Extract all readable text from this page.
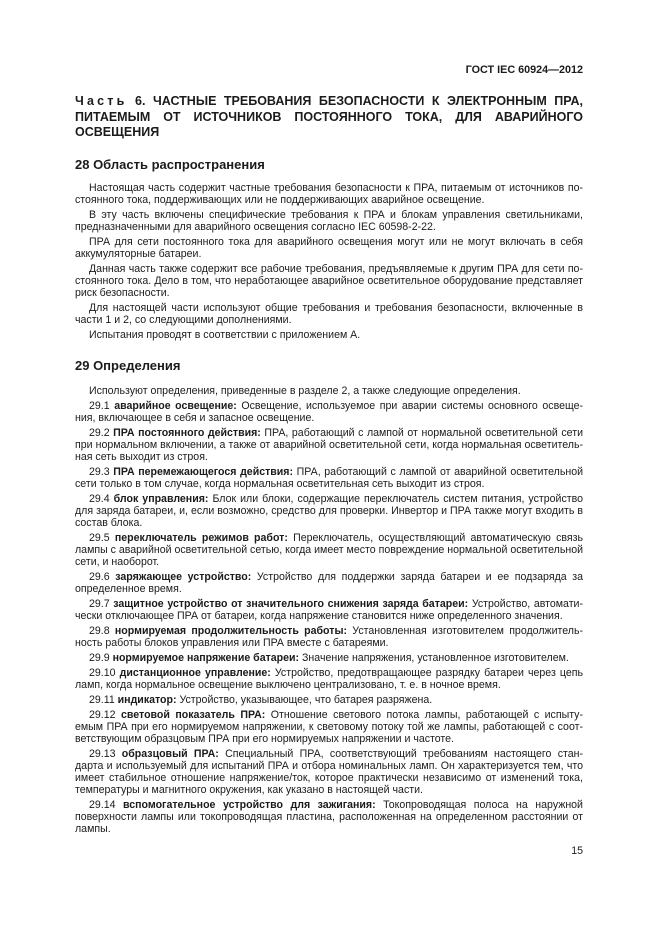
ГОСТ IEC 60924—2012
Часть 6. ЧАСТНЫЕ ТРЕБОВАНИЯ БЕЗОПАСНОСТИ К ЭЛЕКТРОННЫМ ПРА,
ПИТАЕМЫМ ОТ ИСТОЧНИКОВ ПОСТОЯННОГО ТОКА, ДЛЯ АВАРИЙНОГО
ОСВЕЩЕНИЯ
28 Область распространения
Настоящая часть содержит частные требования безопасности к ПРА, питаемым от источников по-
стоянного тока, поддерживающих или не поддерживающих аварийное освещение.
В эту часть включены специфические требования к ПРА и блокам управления светильниками,
предназначенными для аварийного освещения согласно IEC 60598-2-22.
ПРА для сети постоянного тока для аварийного освещения могут или не могут включать в себя
аккумуляторные батареи.
Данная часть также содержит все рабочие требования, предъявляемые к другим ПРА для сети по-
стоянного тока. Дело в том, что неработающее аварийное осветительное оборудование представляет
риск безопасности.
Для настоящей части используют общие требования и требования безопасности, включенные в
части 1 и 2, со следующими дополнениями.
Испытания проводят в соответствии с приложением А.
29 Определения
Используют определения, приведенные в разделе 2, а также следующие определения.
29.1 аварийное освещение: Освещение, используемое при аварии системы основного освеще-
ния, включающее в себя и запасное освещение.
29.2 ПРА постоянного действия: ПРА, работающий с лампой от нормальной осветительной сети
при нормальном включении, а также от аварийной осветительной сети, когда нормальная осветитель-
ная сеть выходит из строя.
29.3 ПРА перемежающегося действия: ПРА, работающий с лампой от аварийной осветительной
сети только в том случае, когда нормальная осветительная сеть выходит из строя.
29.4 блок управления: Блок или блоки, содержащие переключатель систем питания, устройство
для заряда батареи, и, если возможно, средство для проверки. Инвертор и ПРА также могут входить в
состав блока.
29.5 переключатель режимов работ: Переключатель, осуществляющий автоматическую связь
лампы с аварийной осветительной сетью, когда имеет место повреждение нормальной осветительной
сети, и наоборот.
29.6 заряжающее устройство: Устройство для поддержки заряда батареи и ее подзаряда за
определенное время.
29.7 защитное устройство от значительного снижения заряда батареи: Устройство, автомати-
чески отключающее ПРА от батареи, когда напряжение становится ниже определенного значения.
29.8 нормируемая продолжительность работы: Установленная изготовителем продолжитель-
ность работы блоков управления или ПРА вместе с батареями.
29.9 нормируемое напряжение батареи: Значение напряжения, установленное изготовителем.
29.10 дистанционное управление: Устройство, предотвращающее разрядку батареи через цепь
ламп, когда нормальное освещение выключено централизовано, т. е. в ночное время.
29.11 индикатор: Устройство, указывающее, что батарея разряжена.
29.12 световой показатель ПРА: Отношение светового потока лампы, работающей с испыту-
емым ПРА при его нормируемом напряжении, к световому потоку той же лампы, работающей с соот-
ветствующим образцовым ПРА при его нормируемых напряжении и частоте.
29.13 образцовый ПРА: Специальный ПРА, соответствующий требованиям настоящего стан-
дарта и используемый для испытаний ПРА и отбора номинальных ламп. Он характеризуется тем, что
имеет стабильное отношение напряжение/ток, которое практически независимо от изменений тока,
температуры и магнитного окружения, как указано в настоящей части.
29.14 вспомогательное устройство для зажигания: Токопроводящая полоса на наружной
поверхности лампы или токопроводящая пластина, расположенная на определенном расстоянии от
лампы.
15
